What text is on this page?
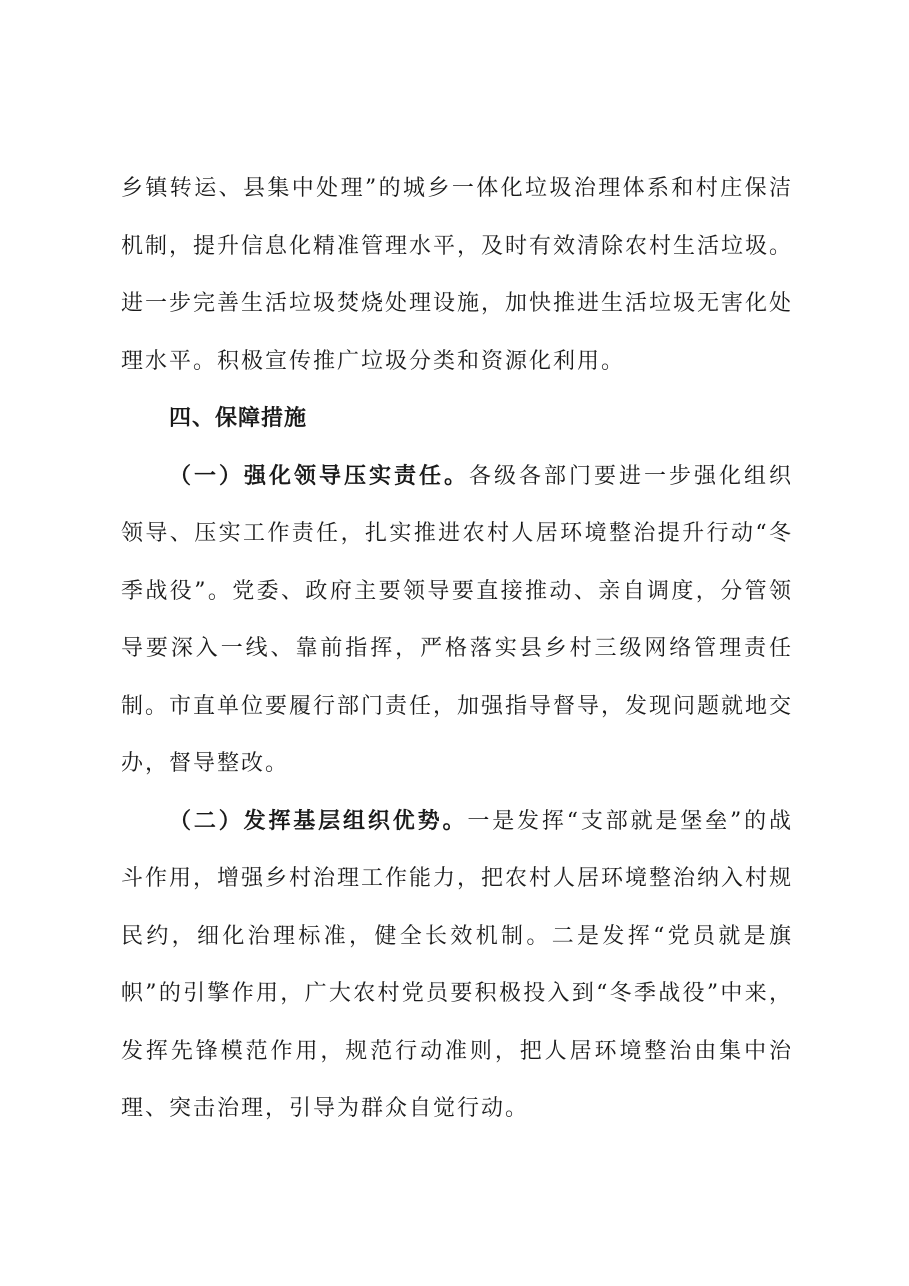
乡镇转运、县集中处理”的城乡一体化垃圾治理体系和村庄保洁机制，提升信息化精准管理水平，及时有效清除农村生活垃圾。进一步完善生活垃圾焚烧处理设施，加快推进生活垃圾无害化处理水平。积极宣传推广垃圾分类和资源化利用。

四、保障措施

（一）强化领导压实责任。各级各部门要进一步强化组织领导、压实工作责任，扎实推进农村人居环境整治提升行动“冬季战役”。党委、政府主要领导要直接推动、亲自调度，分管领导要深入一线、靠前指挥，严格落实县乡村三级网络管理责任制。市直单位要履行部门责任，加强指导督导，发现问题就地交办，督导整改。

（二）发挥基层组织优势。一是发挥“支部就是堡垒”的战斗作用，增强乡村治理工作能力，把农村人居环境整治纳入村规民约，细化治理标准，健全长效机制。二是发挥“党员就是旗帜”的引擎作用，广大农村党员要积极投入到“冬季战役”中来，发挥先锋模范作用，规范行动准则，把人居环境整治由集中治理、突击治理，引导为群众自觉行动。
